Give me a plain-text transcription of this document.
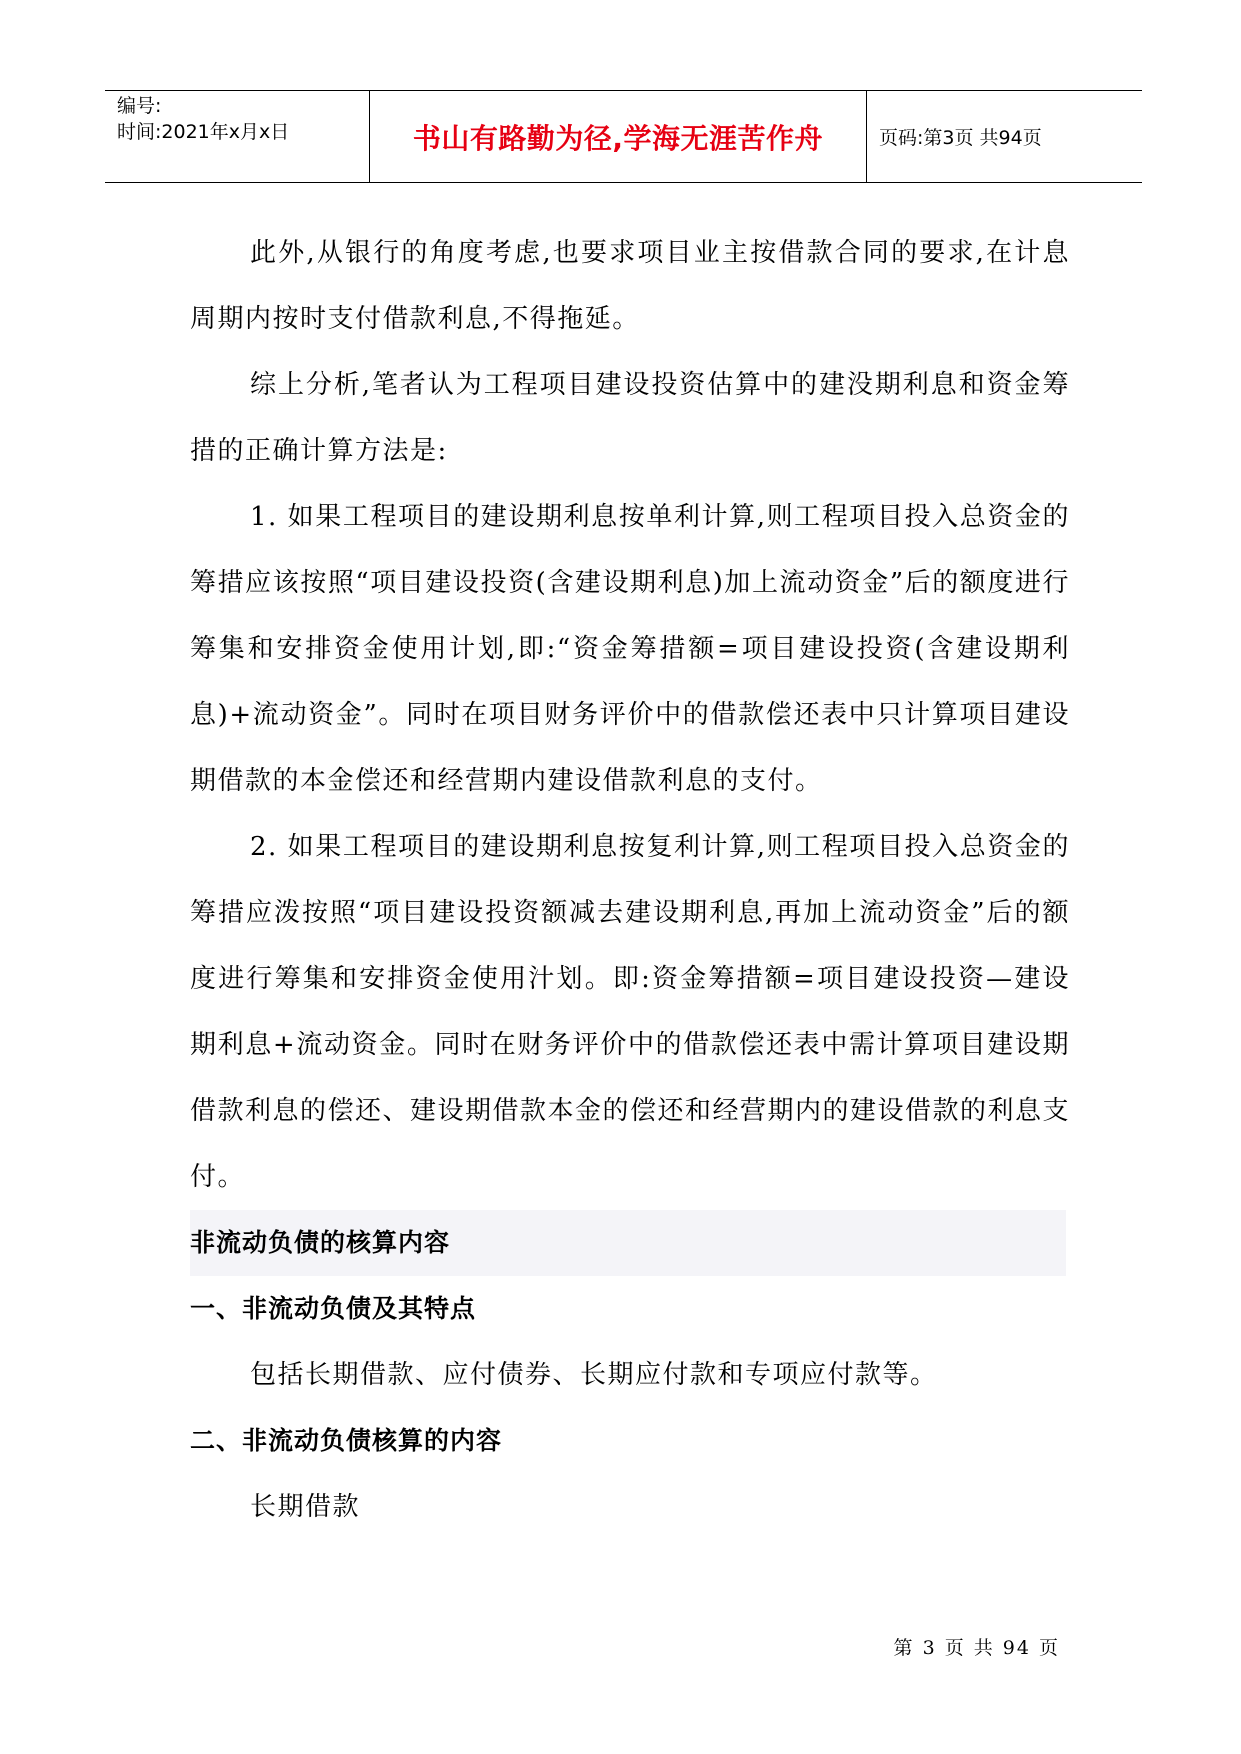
编号:
时间:2021年x月x日	书山有路勤为径,学海无涯苦作舟	页码:第3页 共94页

此外,从银行的角度考虑,也要求项目业主按借款合同的要求,在计息周期内按时支付借款利息,不得拖延。

综上分析,笔者认为工程项目建设投资估算中的建没期利息和资金筹措的正确计算方法是:

1. 如果工程项目的建设期利息按单利计算,则工程项目投入总资金的筹措应该按照“项目建设投资(含建设期利息)加上流动资金”后的额度进行筹集和安排资金使用计划,即:“资金筹措额=项目建设投资(含建设期利息)+流动资金”。同时在项目财务评价中的借款偿还表中只计算项目建设期借款的本金偿还和经营期内建设借款利息的支付。

2. 如果工程项目的建设期利息按复利计算,则工程项目投入总资金的筹措应泼按照“项目建设投资额减去建设期利息,再加上流动资金”后的额度进行筹集和安排资金使用汁划。即:资金筹措额=项目建设投资—建设期利息+流动资金。同时在财务评价中的借款偿还表中需计算项目建设期借款利息的偿还、建设期借款本金的偿还和经营期内的建设借款的利息支付。

非流动负债的核算内容

一、非流动负债及其特点

包括长期借款、应付债券、长期应付款和专项应付款等。

二、非流动负债核算的内容

长期借款

第 3 页 共 94 页
